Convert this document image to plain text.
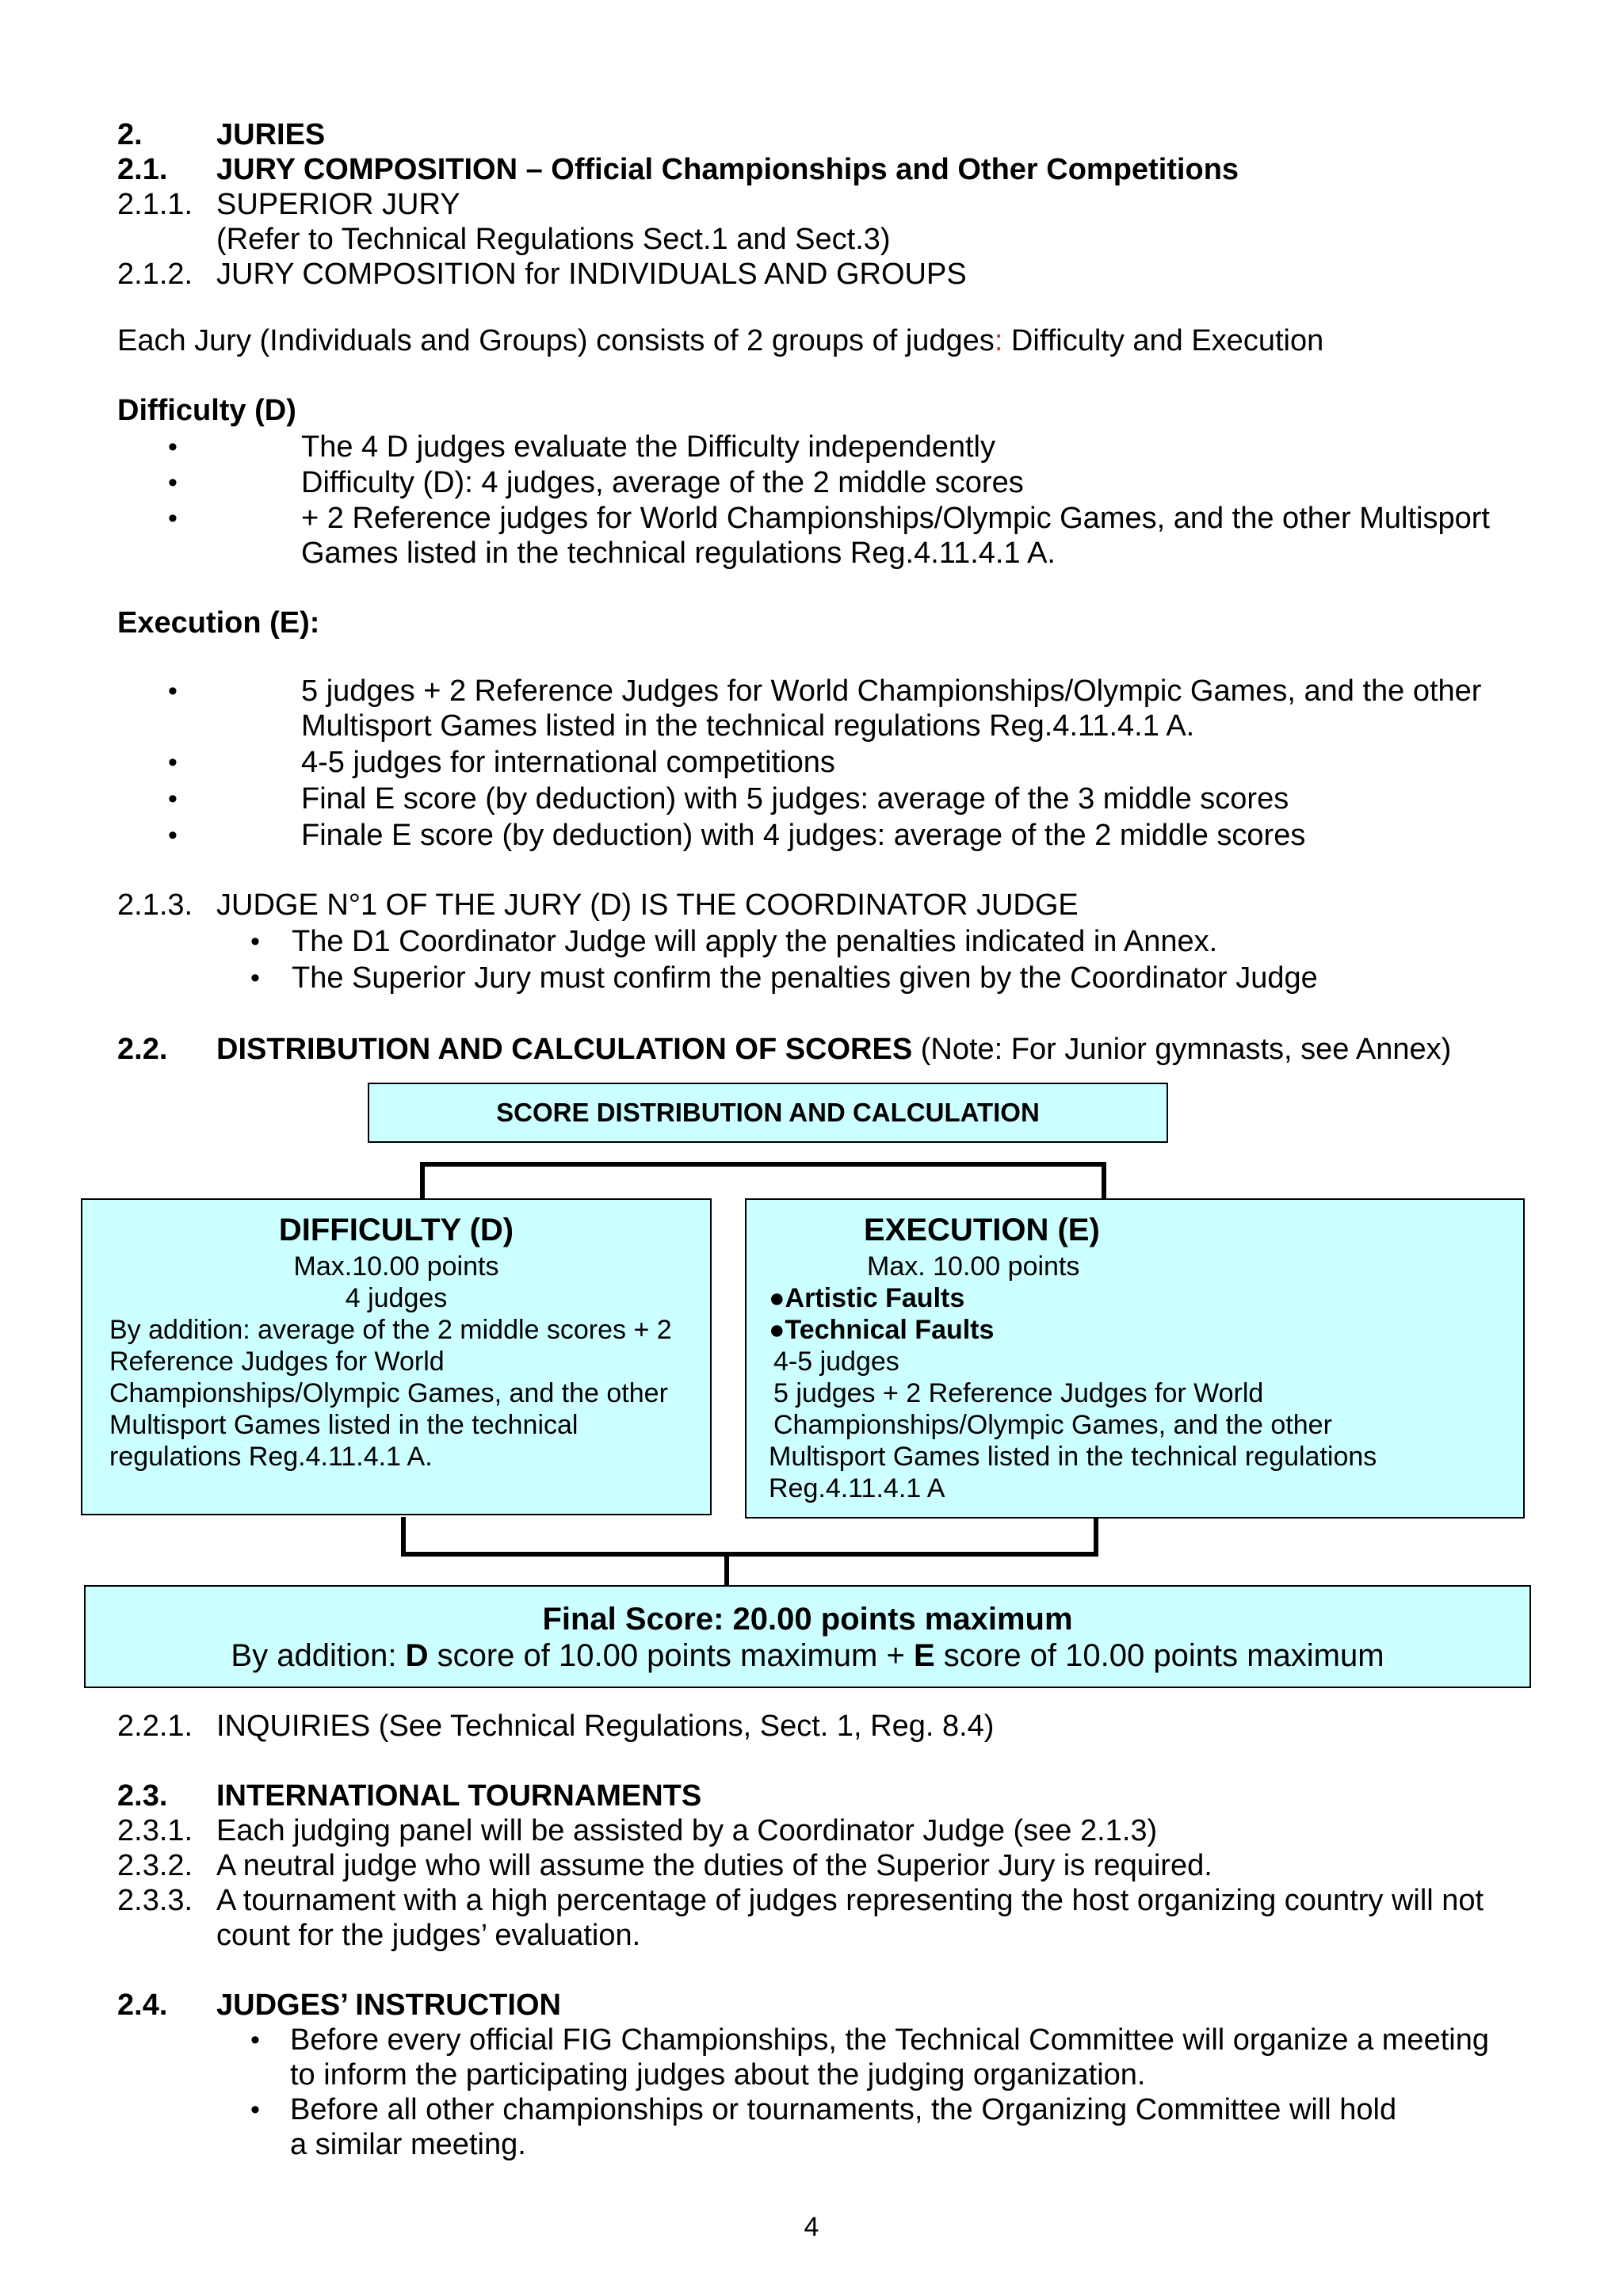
2. JURIES
2.1. JURY COMPOSITION – Official Championships and Other Competitions
2.1.1. SUPERIOR JURY
(Refer to Technical Regulations Sect.1 and Sect.3)
2.1.2. JURY COMPOSITION for INDIVIDUALS AND GROUPS
Each Jury (Individuals and Groups) consists of 2 groups of judges: Difficulty and Execution
Difficulty (D)
•	The 4 D judges evaluate the Difficulty independently
•	Difficulty (D): 4 judges, average of the 2 middle scores
•	+ 2 Reference judges for World Championships/Olympic Games, and the other Multisport
Games listed in the technical regulations Reg.4.11.4.1 A.
Execution (E):
•	5 judges + 2 Reference Judges for World Championships/Olympic Games, and the other
Multisport Games listed in the technical regulations Reg.4.11.4.1 A.
•	4-5 judges for international competitions
•	Final E score (by deduction) with 5 judges: average of the 3 middle scores
•	Finale E score (by deduction) with 4 judges: average of the 2 middle scores
2.1.3. JUDGE N°1 OF THE JURY (D) IS THE COORDINATOR JUDGE
• The D1 Coordinator Judge will apply the penalties indicated in Annex.
• The Superior Jury must confirm the penalties given by the Coordinator Judge
2.2. DISTRIBUTION AND CALCULATION OF SCORES (Note: For Junior gymnasts, see Annex)
SCORE DISTRIBUTION AND CALCULATION
DIFFICULTY (D)
Max.10.00 points
4 judges
By addition: average of the 2 middle scores + 2
Reference Judges for World
Championships/Olympic Games, and the other
Multisport Games listed in the technical
regulations Reg.4.11.4.1 A.
EXECUTION (E)
Max. 10.00 points
●Artistic Faults
●Technical Faults
4-5 judges
5 judges + 2 Reference Judges for World
Championships/Olympic Games, and the other
Multisport Games listed in the technical regulations
Reg.4.11.4.1 A
Final Score: 20.00 points maximum
By addition: D score of 10.00 points maximum + E score of 10.00 points maximum
2.2.1. INQUIRIES (See Technical Regulations, Sect. 1, Reg. 8.4)
2.3. INTERNATIONAL TOURNAMENTS
2.3.1. Each judging panel will be assisted by a Coordinator Judge (see 2.1.3)
2.3.2. A neutral judge who will assume the duties of the Superior Jury is required.
2.3.3. A tournament with a high percentage of judges representing the host organizing country will not
count for the judges’ evaluation.
2.4. JUDGES’ INSTRUCTION
• Before every official FIG Championships, the Technical Committee will organize a meeting
to inform the participating judges about the judging organization.
• Before all other championships or tournaments, the Organizing Committee will hold
a similar meeting.
4
